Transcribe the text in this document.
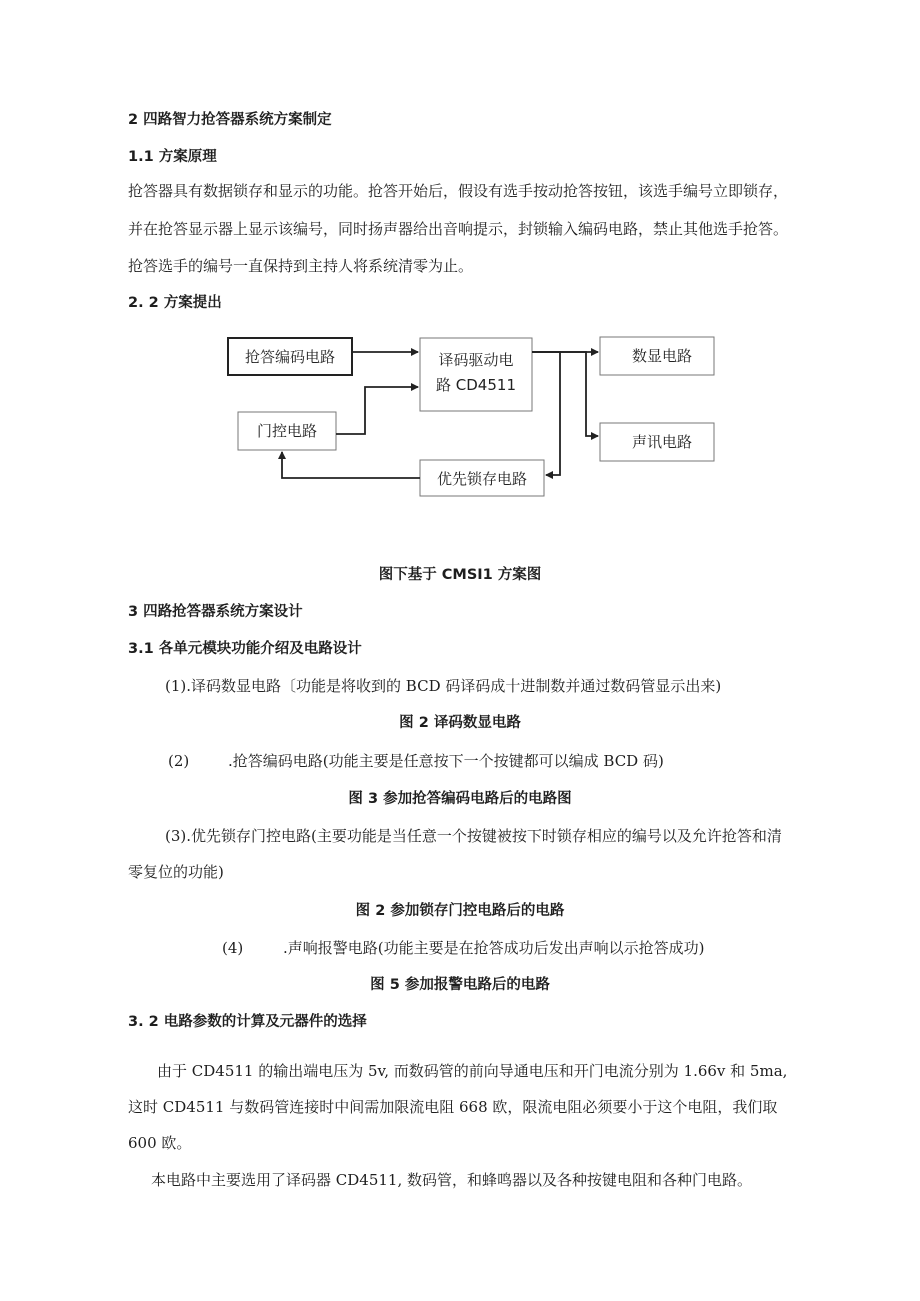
2 四路智力抢答器系统方案制定
1.1 方案原理
抢答器具有数据锁存和显示的功能。抢答开始后，假设有选手按动抢答按钮，该选手编号立即锁存，
并在抢答显示器上显示该编号，同时扬声器给出音响提示，封锁输入编码电路，禁止其他选手抢答。
抢答选手的编号一直保持到主持人将系统清零为止。
2. 2 方案提出
抢答编码电路	译码驱动电
路 CD4511
数显电路
门控电路
声讯电路
优先锁存电路
图下基于 CMSI1 方案图
3 四路抢答器系统方案设计
3.1 各单元模块功能介绍及电路设计
(1).译码数显电路〔功能是将收到的 BCD 码译码成十进制数并通过数码管显示出来)
图 2 译码数显电路
(2)	.抢答编码电路(功能主要是任意按下一个按键都可以编成 BCD 码)
图 3 参加抢答编码电路后的电路图
(3).优先锁存门控电路(主要功能是当任意一个按键被按下时锁存相应的编号以及允许抢答和清
零复位的功能)
图 2 参加锁存门控电路后的电路
(4)	.声响报警电路(功能主要是在抢答成功后发出声响以示抢答成功)
图 5 参加报警电路后的电路
3. 2 电路参数的计算及元器件的选择
由于 CD4511 的输出端电压为 5v, 而数码管的前向导通电压和开门电流分别为 1.66v 和 5ma,
这时 CD4511 与数码管连接时中间需加限流电阻 668 欧，限流电阻必须要小于这个电阻，我们取
600 欧。
本电路中主要选用了译码器 CD4511, 数码管，和蜂鸣器以及各种按键电阻和各种门电路。
